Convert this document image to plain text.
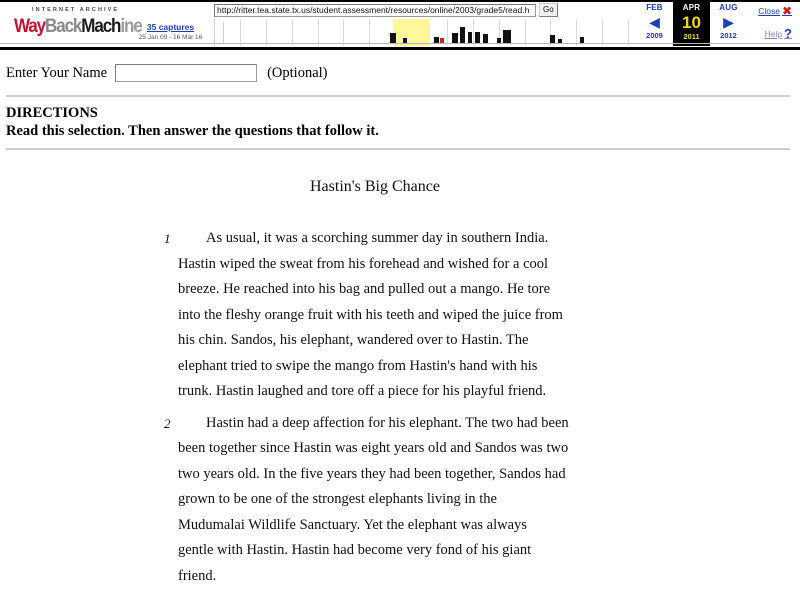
INTERNET ARCHIVE
WayBackMachine 35 captures
25 Jan 09 - 16 Mar 16
http://ritter.tea.state.tx.us/student.assessment/resources/online/2003/grade5/read.h
Go	FEB
◀
2009
APR
10
2011
AUG
▶
2012
Close ✖
Help ?
Enter Your Name	(Optional)
DIRECTIONS
Read this selection. Then answer the questions that follow it.
Hastin's Big Chance
1	As usual, it was a scorching summer day in southern India.
Hastin wiped the sweat from his forehead and wished for a cool
breeze. He reached into his bag and pulled out a mango. He tore
into the fleshy orange fruit with his teeth and wiped the juice from
his chin. Sandos, his elephant, wandered over to Hastin. The
elephant tried to swipe the mango from Hastin's hand with his
trunk. Hastin laughed and tore off a piece for his playful friend.
2	Hastin had a deep affection for his elephant. The two had been
been together since Hastin was eight years old and Sandos was two
two years old. In the five years they had been together, Sandos had
grown to be one of the strongest elephants living in the
Mudumalai Wildlife Sanctuary. Yet the elephant was always
gentle with Hastin. Hastin had become very fond of his giant
friend.
